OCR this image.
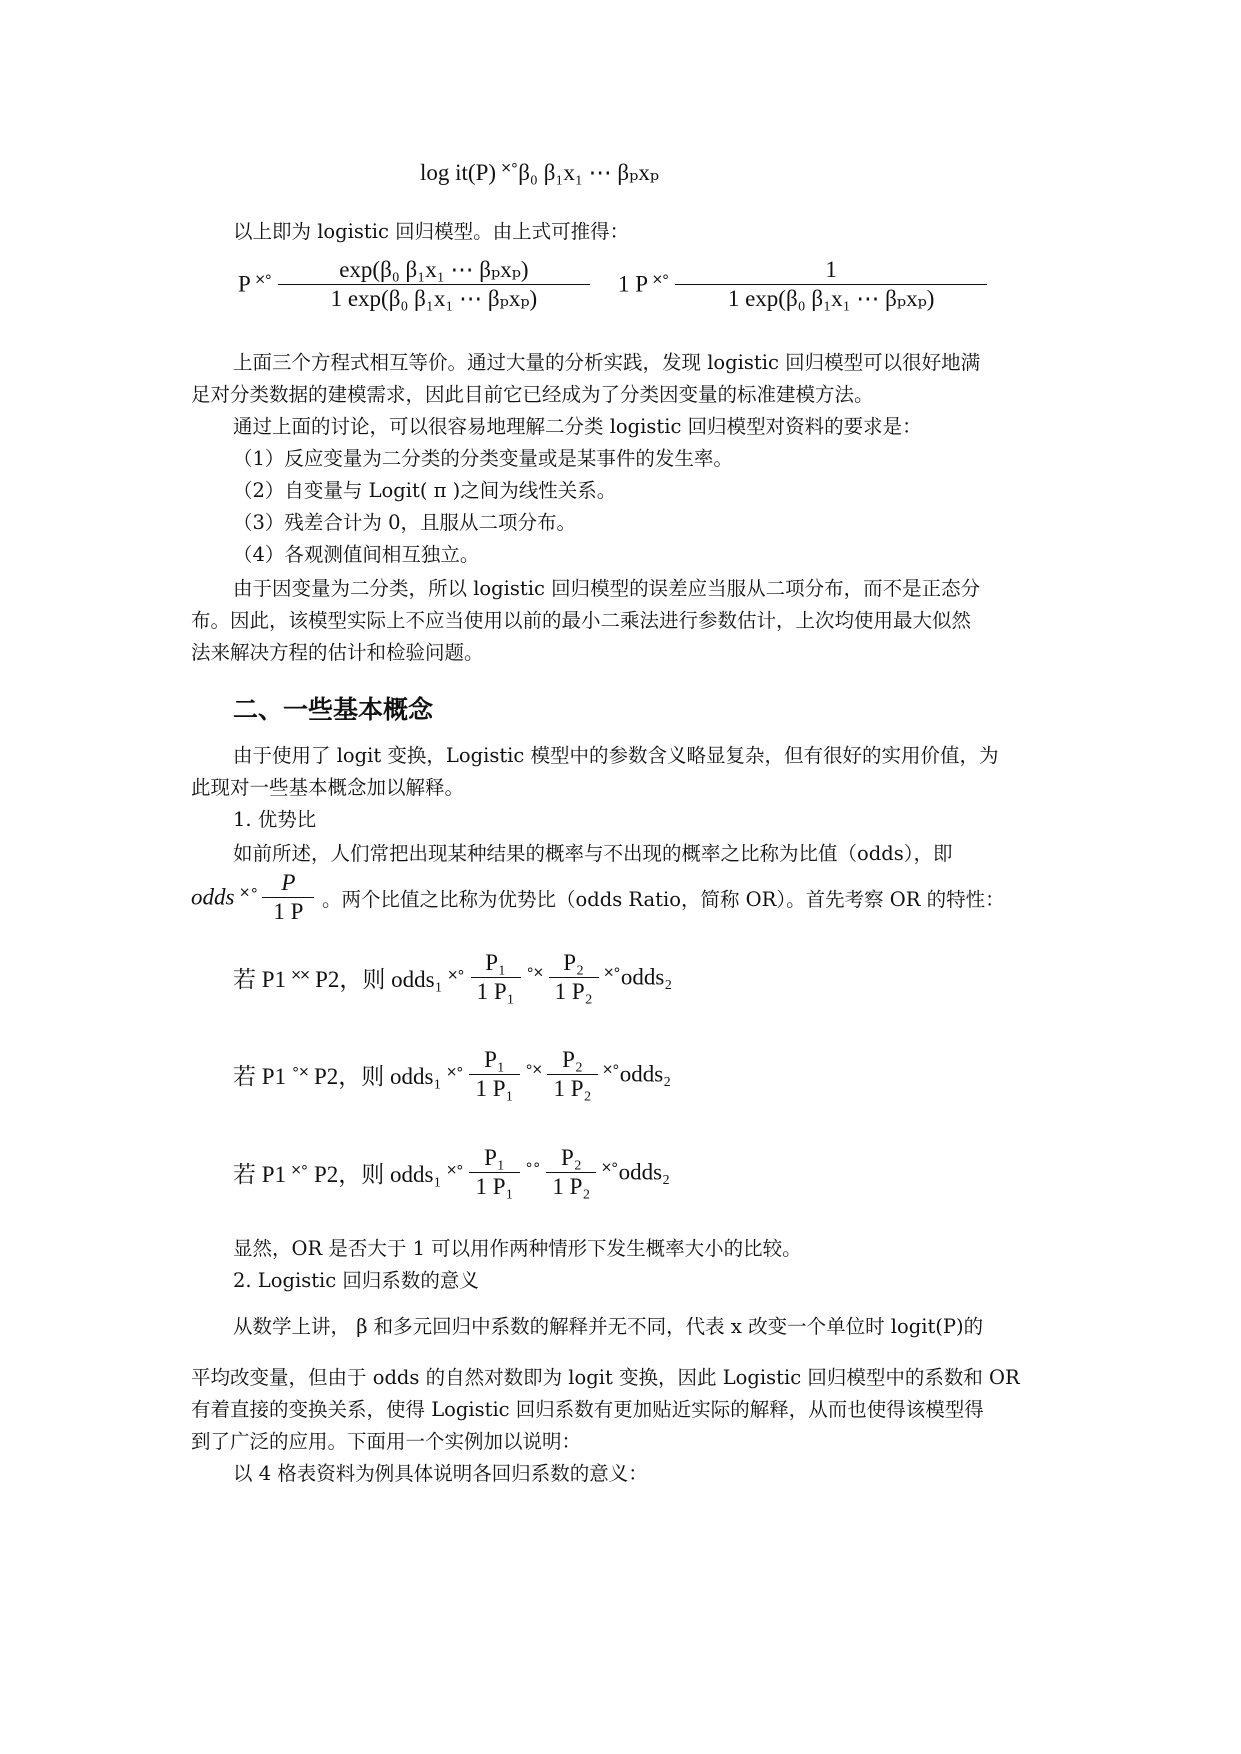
log it(P) ˟˚β₀ β₁x₁ ⋯ βₚxₚ
以上即为 logistic 回归模型。由上式可推得：
P ˟˚ $\frac{\text{exp(β₀ β₁x₁ ⋯ βₚxₚ)}}{\text{1 exp(β₀ β₁x₁ ⋯ βₚxₚ)}} 1$ P ˟˚ $\frac{1}{\text{1 exp(β₀ β₁x₁ ⋯ βₚxₚ)}}$
上面三个方程式相互等价。通过大量的分析实践，发现 logistic 回归模型可以很好地满
足对分类数据的建模需求，因此目前它已经成为了分类因变量的标准建模方法。
通过上面的讨论，可以很容易地理解二分类 logistic 回归模型对资料的要求是：
（1）反应变量为二分类的分类变量或是某事件的发生率。
（2）自变量与 Logit( π )之间为线性关系。
（3）残差合计为 0，且服从二项分布。
（4）各观测值间相互独立。
由于因变量为二分类，所以 logistic 回归模型的误差应当服从二项分布，而不是正态分
布。因此，该模型实际上不应当使用以前的最小二乘法进行参数估计，上次均使用最大似然
法来解决方程的估计和检验问题。
二、一些基本概念
由于使用了 logit 变换，Logistic 模型中的参数含义略显复杂，但有很好的实用价值，为
此现对一些基本概念加以解释。
1. 优势比
如前所述，人们常把出现某种结果的概率与不出现的概率之比称为比值（odds），即
odds ˟˚ $\frac{P}{1 P}$ 。两个比值之比称为优势比（odds Ratio，简称 OR）。首先考察 OR 的特性：
若 P1 ˟˟ P2，则 odds₁ ˟˚ $\frac{\text{P₁}}{\text{1 P₁}}$ ˚˟ $\frac{\text{P₂}}{\text{1 P₂}}$ ˟˚odds₂
若 P1 ˚˟ P2，则 odds₁ ˟˚ $\frac{\text{P₁}}{\text{1 P₁}}$ ˚˟ $\frac{\text{P₂}}{\text{1 P₂}}$ ˟˚odds₂
若 P1 ˟˚ P2，则 odds₁ ˟˚ $\frac{\text{P₁}}{\text{1 P₁}}$ ˚˚ $\frac{\text{P₂}}{\text{1 P₂}}$ ˟˚odds₂
显然，OR 是否大于 1 可以用作两种情形下发生概率大小的比较。
2. Logistic 回归系数的意义
从数学上讲， β 和多元回归中系数的解释并无不同，代表 x 改变一个单位时 logit(P)的
平均改变量，但由于 odds 的自然对数即为 logit 变换，因此 Logistic 回归模型中的系数和 OR
有着直接的变换关系，使得 Logistic 回归系数有更加贴近实际的解释，从而也使得该模型得
到了广泛的应用。下面用一个实例加以说明：
以 4 格表资料为例具体说明各回归系数的意义：
